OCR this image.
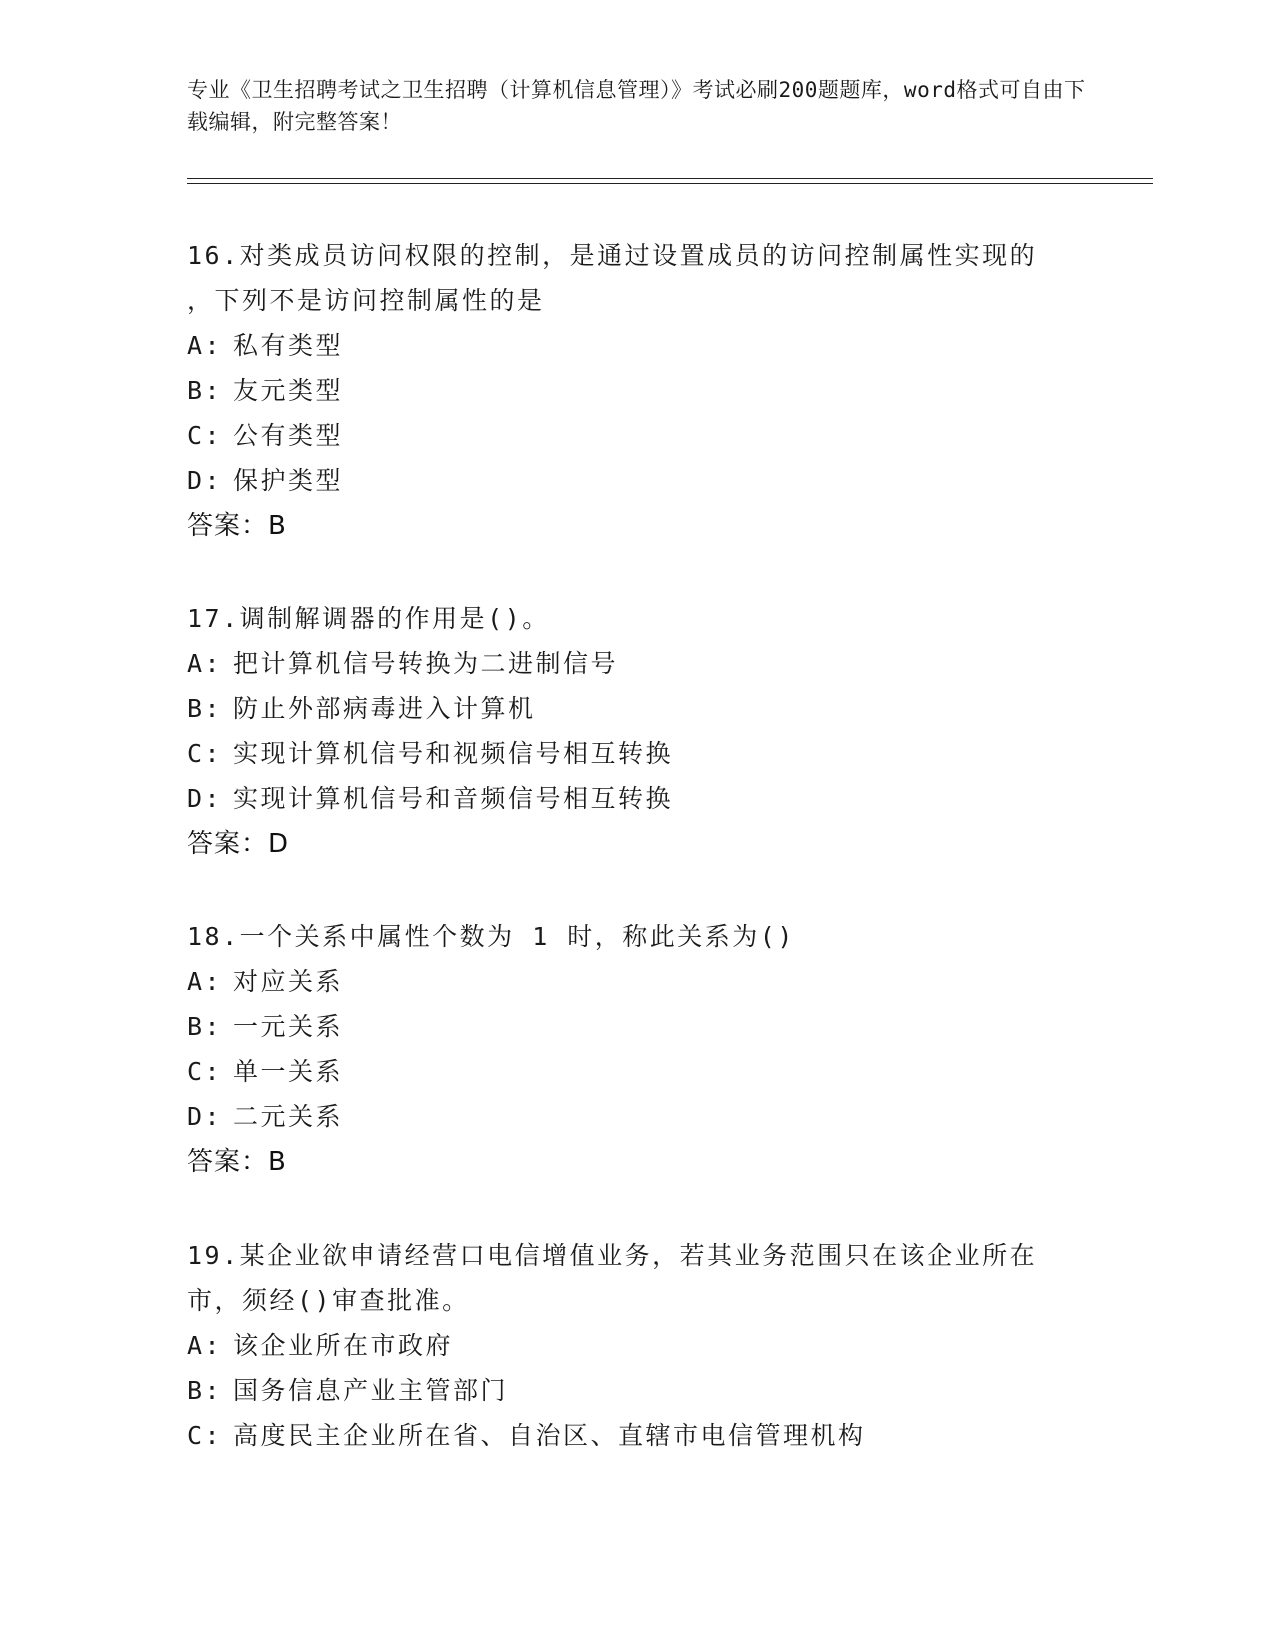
专业《卫生招聘考试之卫生招聘（计算机信息管理）》考试必刷200题题库，word格式可自由下载编辑，附完整答案！
16.对类成员访问权限的控制，是通过设置成员的访问控制属性实现的
，下列不是访问控制属性的是
A: 私有类型
B: 友元类型
C: 公有类型
D: 保护类型
答案：B
17.调制解调器的作用是()。
A: 把计算机信号转换为二进制信号
B: 防止外部病毒进入计算机
C: 实现计算机信号和视频信号相互转换
D: 实现计算机信号和音频信号相互转换
答案：D
18.一个关系中属性个数为 1 时，称此关系为()
A: 对应关系
B: 一元关系
C: 单一关系
D: 二元关系
答案：B
19.某企业欲申请经营口电信增值业务，若其业务范围只在该企业所在
市，须经()审查批准。
A: 该企业所在市政府
B: 国务信息产业主管部门
C: 高度民主企业所在省、自治区、直辖市电信管理机构
